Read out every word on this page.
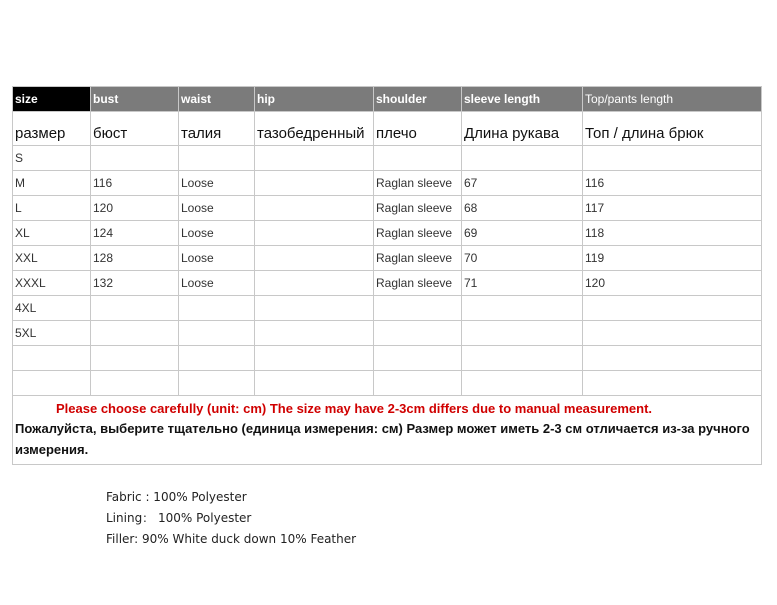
size	bust	waist	hip	shoulder	sleeve length	Top/pants length
размер	бюст	талия	тазобедренный	плечо	Длина рукава	Топ / длина брюк
S						
M	116	Loose		Raglan sleeve	67	116
L	120	Loose		Raglan sleeve	68	117
XL	124	Loose		Raglan sleeve	69	118
XXL	128	Loose		Raglan sleeve	70	119
XXXL	132	Loose		Raglan sleeve	71	120
4XL						
5XL						

Please choose carefully (unit: cm) The size may have 2-3cm differs due to manual measurement.
Пожалуйста, выберите тщательно (единица измерения: см) Размер может иметь 2-3 см отличается из-за ручного измерения.						
Fabric : 100% Polyester
Lining： 100% Polyester
Filler: 90% White duck down 10% Feather
